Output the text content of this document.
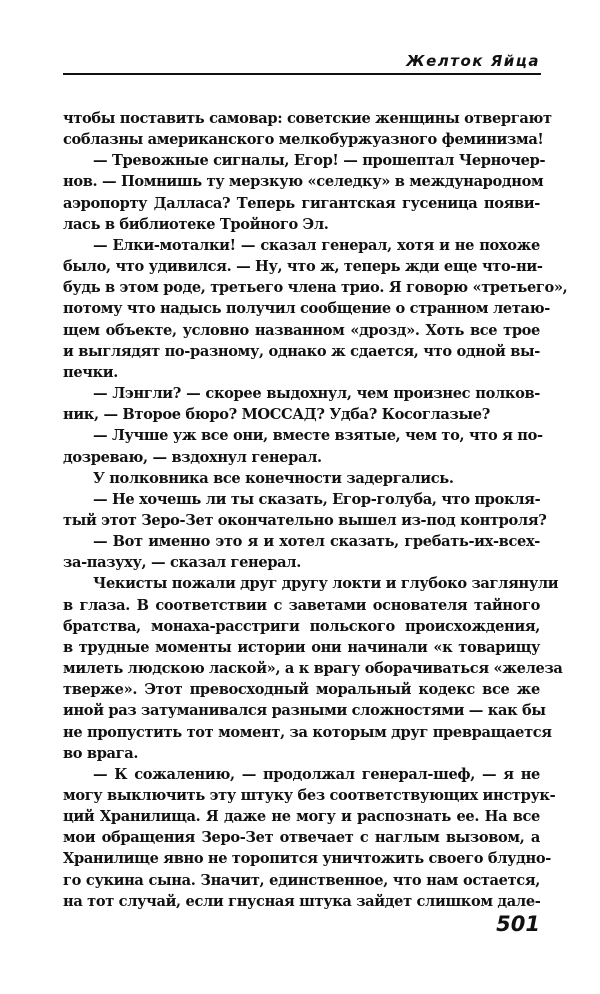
Желток Яйца
чтобы поставить самовар: советские женщины отвергают
соблазны американского мелкобуржуазного феминизма!
— Тревожные сигналы, Егор! — прошептал Черночер-
нов. — Помнишь ту мерзкую «селедку» в международном
аэропорту Далласа? Теперь гигантская гусеница появи-
лась в библиотеке Тройного Эл.
— Елки-моталки! — сказал генерал, хотя и не похоже
было, что удивился. — Ну, что ж, теперь жди еще что-ни-
будь в этом роде, третьего члена трио. Я говорю «третьего»,
потому что надысь получил сообщение о странном летаю-
щем объекте, условно названном «дрозд». Хоть все трое
и выглядят по-разному, однако ж сдается, что одной вы-
печки.
— Лэнгли? — скорее выдохнул, чем произнес полков-
ник, — Второе бюро? МОССАД? Удба? Косоглазые?
— Лучше уж все они, вместе взятые, чем то, что я по-
дозреваю, — вздохнул генерал.
У полковника все конечности задергались.
— Не хочешь ли ты сказать, Егор-голуба, что прокля-
тый этот Зеро-Зет окончательно вышел из-под контроля?
— Вот именно это я и хотел сказать, гребать-их-всех-
за-пазуху, — сказал генерал.
Чекисты пожали друг другу локти и глубоко заглянули
в глаза. В соответствии с заветами основателя тайного
братства, монаха-расстриги польского происхождения,
в трудные моменты истории они начинали «к товарищу
милеть людскою лаской», а к врагу оборачиваться «железа
тверже». Этот превосходный моральный кодекс все же
иной раз затуманивался разными сложностями — как бы
не пропустить тот момент, за которым друг превращается
во врага.
— К сожалению, — продолжал генерал-шеф, — я не
могу выключить эту штуку без соответствующих инструк-
ций Хранилища. Я даже не могу и распознать ее. На все
мои обращения Зеро-Зет отвечает с наглым вызовом, а
Хранилище явно не торопится уничтожить своего блудно-
го сукина сына. Значит, единственное, что нам остается,
на тот случай, если гнусная штука зайдет слишком дале-
501
